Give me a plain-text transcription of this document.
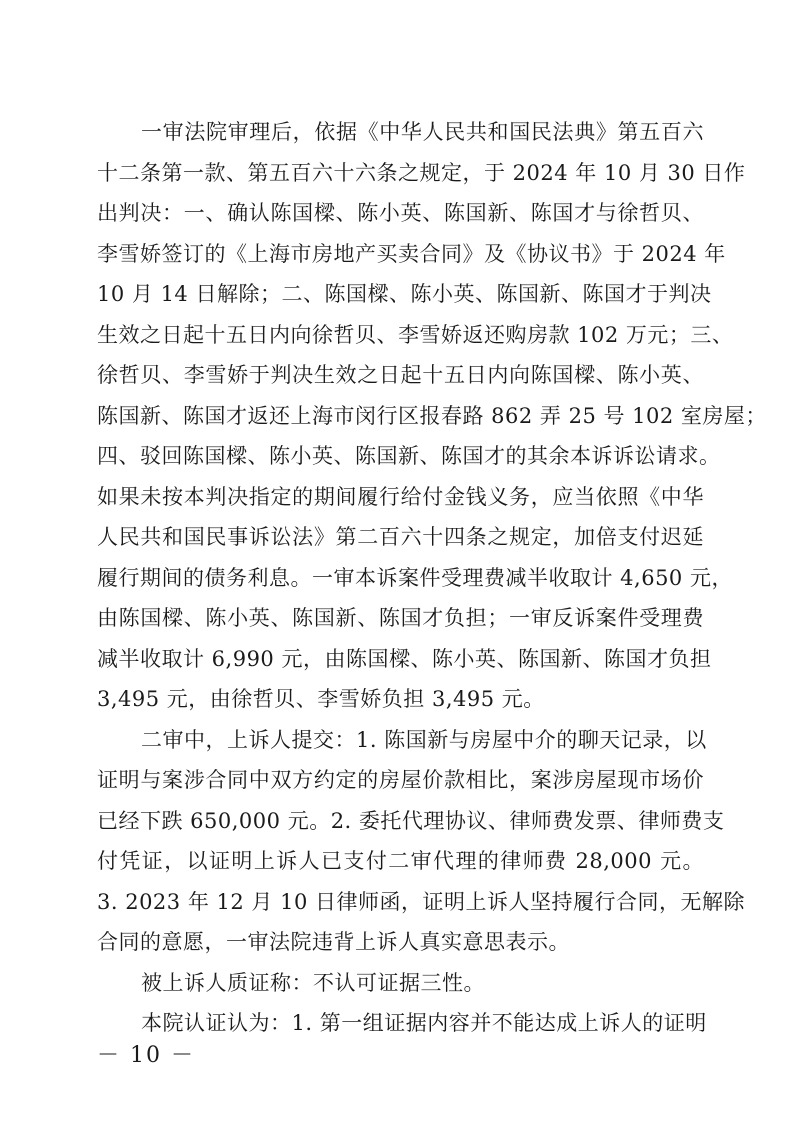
一审法院审理后，依据《中华人民共和国民法典》第五百六
十二条第一款、第五百六十六条之规定，于 2024 年 10 月 30 日作
出判决：一、确认陈国樑、陈小英、陈国新、陈国才与徐哲贝、
李雪娇签订的《上海市房地产买卖合同》及《协议书》于 2024 年
10 月 14 日解除；二、陈国樑、陈小英、陈国新、陈国才于判决
生效之日起十五日内向徐哲贝、李雪娇返还购房款 102 万元；三、
徐哲贝、李雪娇于判决生效之日起十五日内向陈国樑、陈小英、
陈国新、陈国才返还上海市闵行区报春路 862 弄 25 号 102 室房屋；
四、驳回陈国樑、陈小英、陈国新、陈国才的其余本诉诉讼请求。
如果未按本判决指定的期间履行给付金钱义务，应当依照《中华
人民共和国民事诉讼法》第二百六十四条之规定，加倍支付迟延
履行期间的债务利息。一审本诉案件受理费减半收取计 4,650 元，
由陈国樑、陈小英、陈国新、陈国才负担；一审反诉案件受理费
减半收取计 6,990 元，由陈国樑、陈小英、陈国新、陈国才负担
3,495 元，由徐哲贝、李雪娇负担 3,495 元。
二审中，上诉人提交：1. 陈国新与房屋中介的聊天记录，以
证明与案涉合同中双方约定的房屋价款相比，案涉房屋现市场价
已经下跌 650,000 元。2. 委托代理协议、律师费发票、律师费支
付凭证，以证明上诉人已支付二审代理的律师费 28,000 元。
3. 2023 年 12 月 10 日律师函，证明上诉人坚持履行合同，无解除
合同的意愿，一审法院违背上诉人真实意思表示。
被上诉人质证称：不认可证据三性。
本院认证认为：1. 第一组证据内容并不能达成上诉人的证明
－ 10 －
